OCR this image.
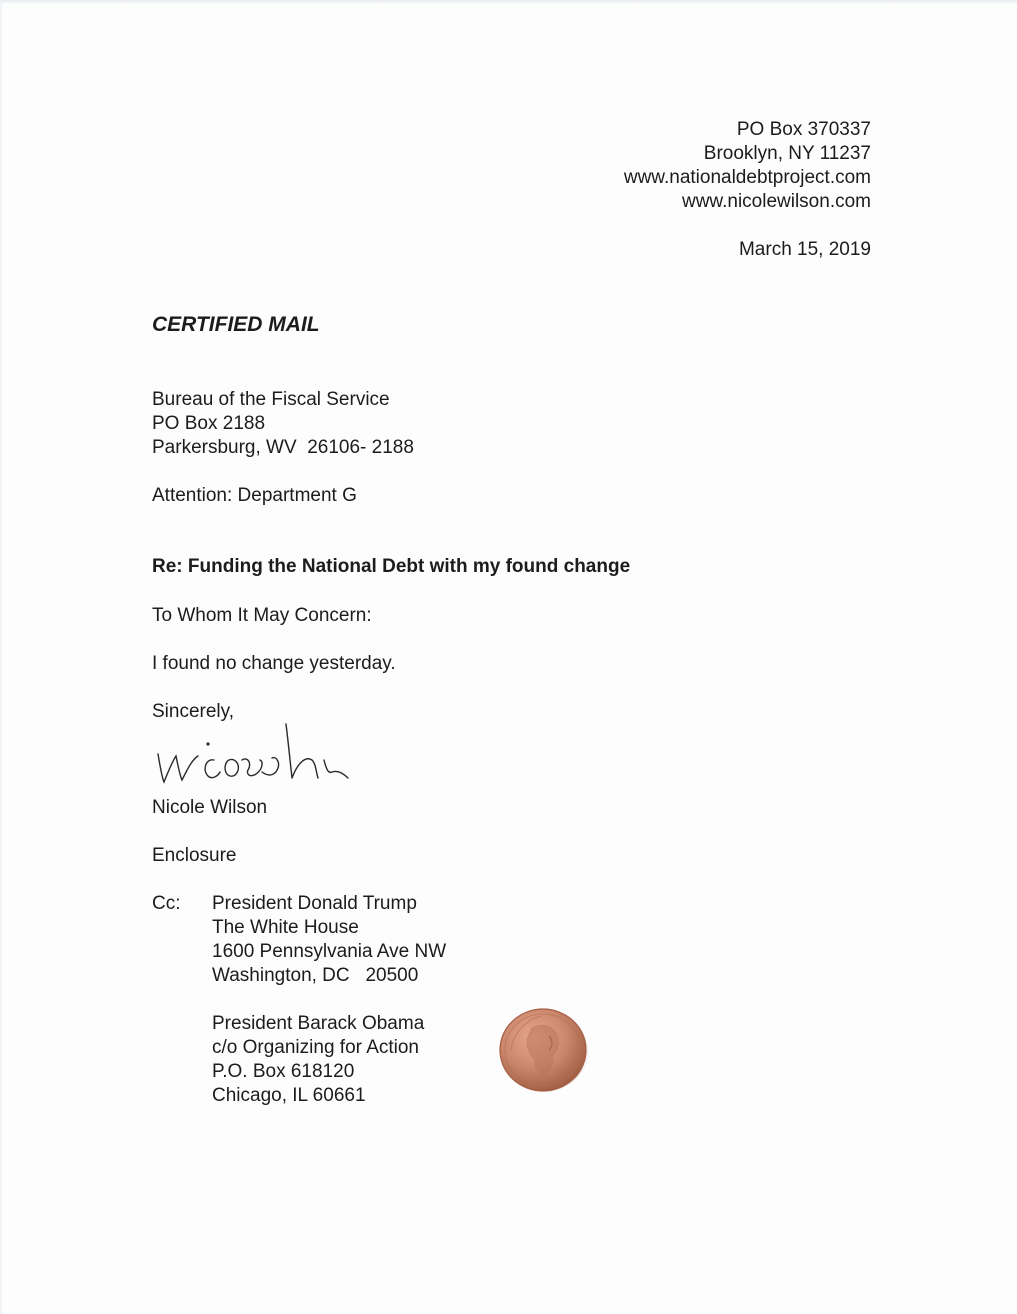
PO Box 370337
Brooklyn, NY 11237
www.nationaldebtproject.com
www.nicolewilson.com
March 15, 2019
CERTIFIED MAIL
Bureau of the Fiscal Service
PO Box 2188
Parkersburg, WV  26106- 2188
Attention: Department G
Re: Funding the National Debt with my found change
To Whom It May Concern:
I found no change yesterday.
Sincerely,
Nicole Wilson
Enclosure
Cc: President Donald Trump
The White House
1600 Pennsylvania Ave NW
Washington, DC   20500
President Barack Obama
c/o Organizing for Action
P.O. Box 618120
Chicago, IL 60661
